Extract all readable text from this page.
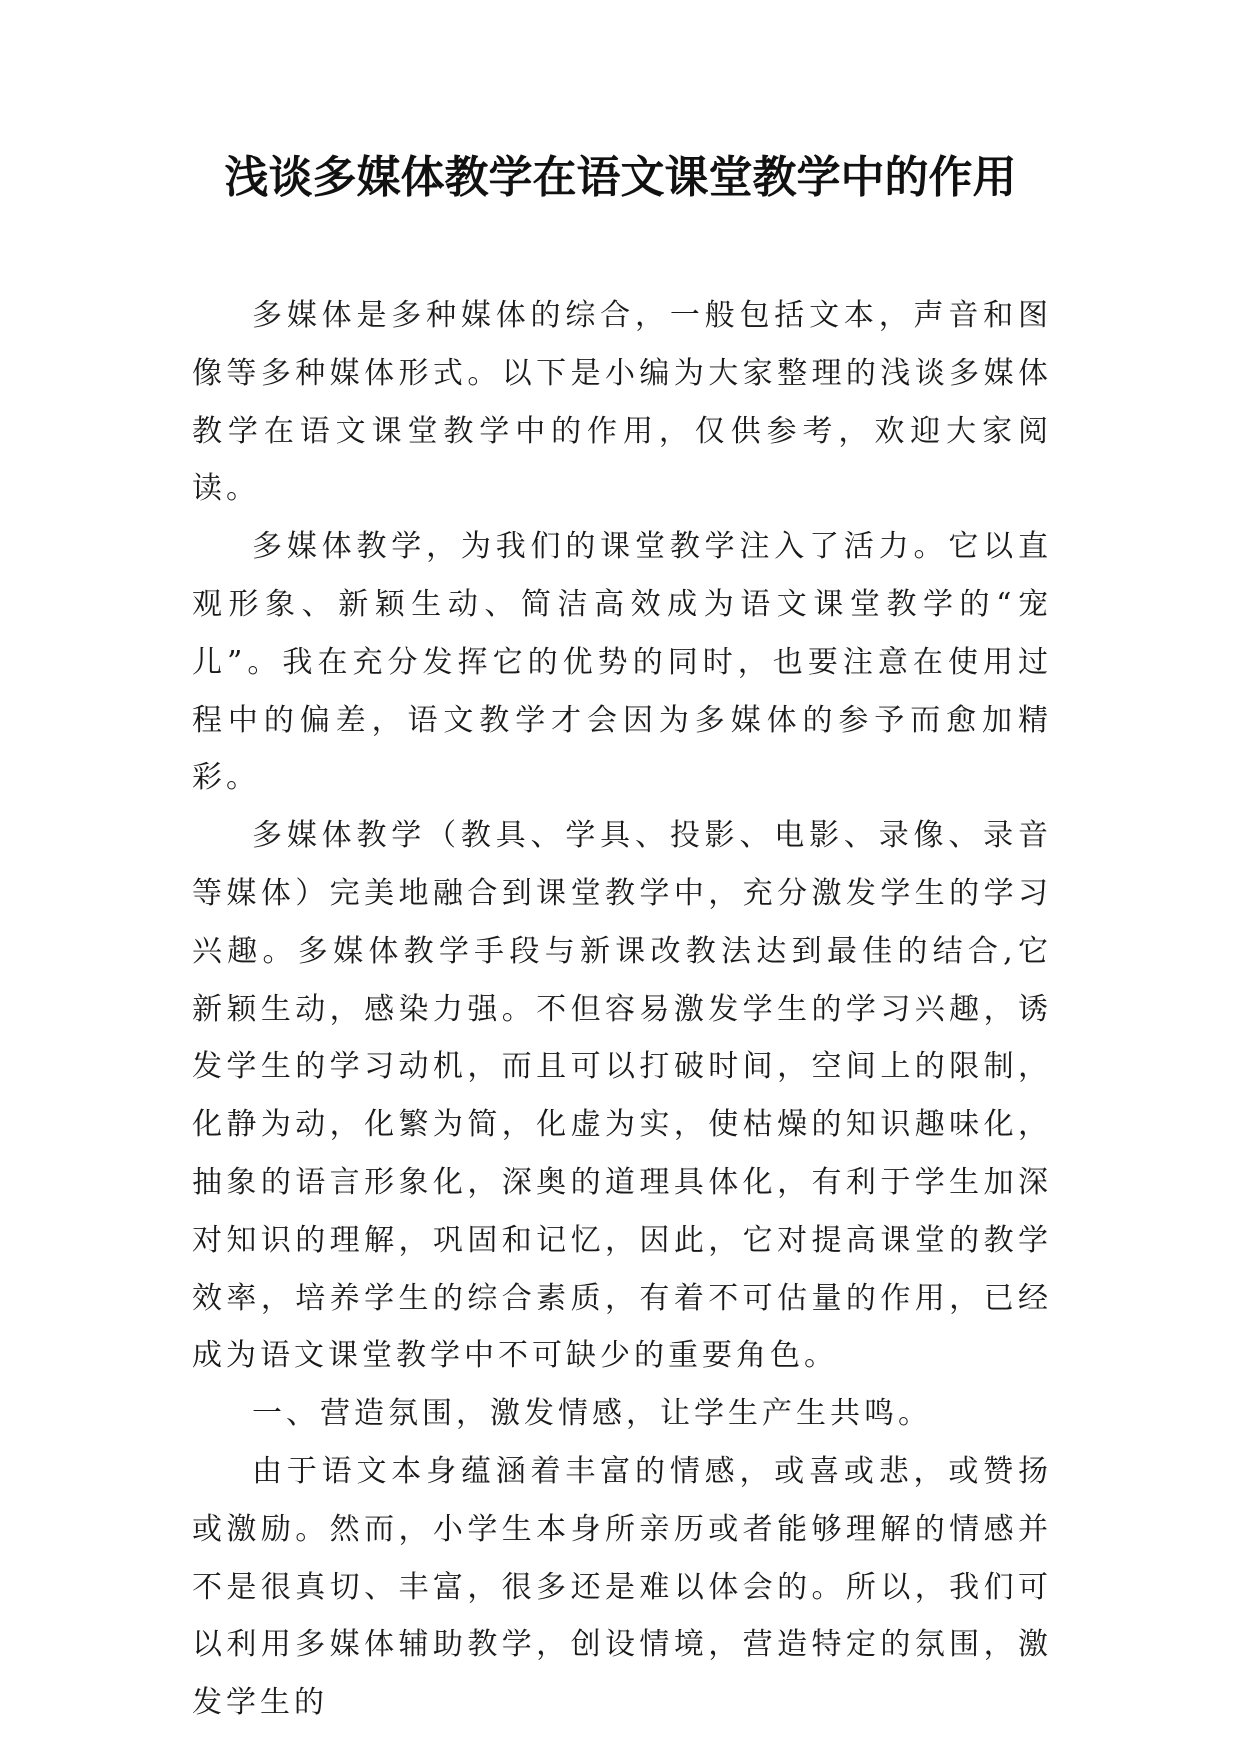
浅谈多媒体教学在语文课堂教学中的作用

多媒体是多种媒体的综合，一般包括文本，声音和图像等多种媒体形式。以下是小编为大家整理的浅谈多媒体教学在语文课堂教学中的作用，仅供参考，欢迎大家阅读。

多媒体教学，为我们的课堂教学注入了活力。它以直观形象、新颖生动、简洁高效成为语文课堂教学的“宠儿”。我在充分发挥它的优势的同时，也要注意在使用过程中的偏差，语文教学才会因为多媒体的参予而愈加精彩。

多媒体教学（教具、学具、投影、电影、录像、录音等媒体）完美地融合到课堂教学中，充分激发学生的学习兴趣。多媒体教学手段与新课改教法达到最佳的结合,它新颖生动，感染力强。不但容易激发学生的学习兴趣，诱发学生的学习动机，而且可以打破时间，空间上的限制，化静为动，化繁为简，化虚为实，使枯燥的知识趣味化，抽象的语言形象化，深奥的道理具体化，有利于学生加深对知识的理解，巩固和记忆，因此，它对提高课堂的教学效率，培养学生的综合素质，有着不可估量的作用，已经成为语文课堂教学中不可缺少的重要角色。

一、营造氛围，激发情感，让学生产生共鸣。

由于语文本身蕴涵着丰富的情感，或喜或悲，或赞扬或激励。然而，小学生本身所亲历或者能够理解的情感并不是很真切、丰富，很多还是难以体会的。所以，我们可以利用多媒体辅助教学，创设情境，营造特定的氛围，激发学生的
